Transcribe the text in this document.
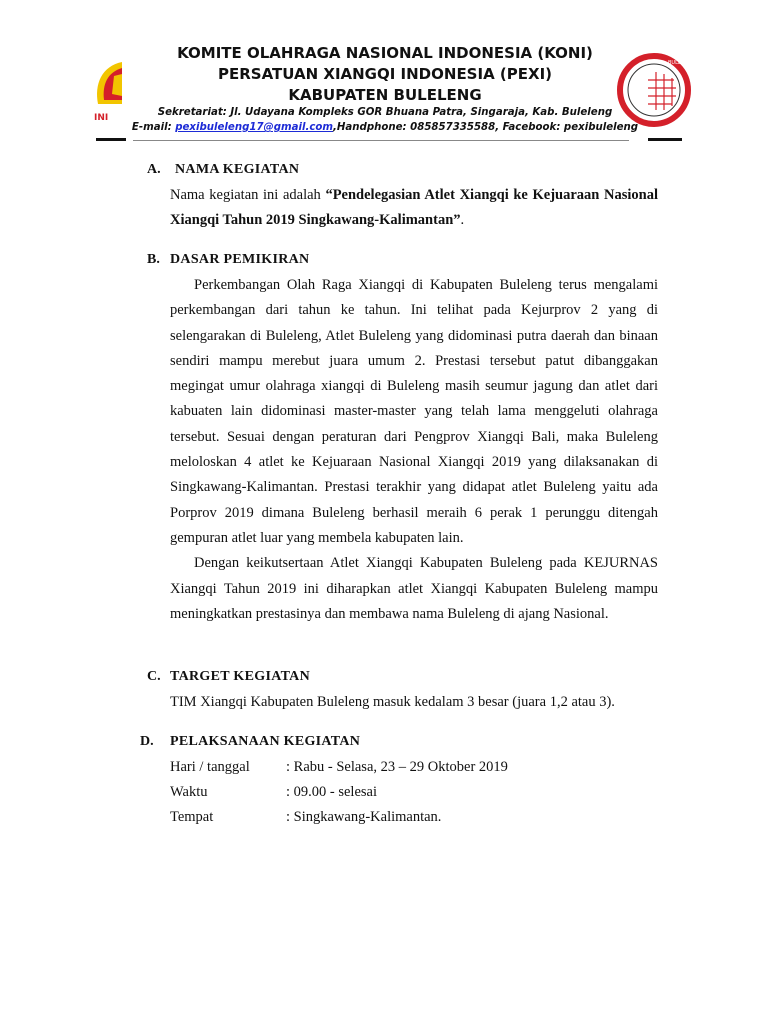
INI
BULELENG
KOMITE OLAHRAGA NASIONAL INDONESIA (KONI)
PERSATUAN XIANGQI INDONESIA (PEXI)
KABUPATEN BULELENG
Sekretariat: Jl. Udayana Kompleks GOR Bhuana Patra, Singaraja, Kab. Buleleng
E-mail: pexibuleleng17@gmail.com,Handphone: 085857335588, Facebook: pexibuleleng
A. NAMA KEGIATAN
Nama kegiatan ini adalah “Pendelegasian Atlet Xiangqi ke Kejuaraan Nasional Xiangqi Tahun 2019 Singkawang-Kalimantan”.
B. DASAR PEMIKIRAN

Perkembangan Olah Raga Xiangqi di Kabupaten Buleleng terus mengalami perkembangan dari tahun ke tahun. Ini telihat pada Kejurprov 2 yang di selengarakan di Buleleng, Atlet Buleleng yang didominasi putra daerah dan binaan sendiri mampu merebut juara umum 2. Prestasi tersebut patut dibanggakan megingat umur olahraga xiangqi di Buleleng masih seumur jagung dan atlet dari kabuaten lain didominasi master-master yang telah lama menggeluti olahraga tersebut. Sesuai dengan peraturan dari Pengprov Xiangqi Bali, maka Buleleng meloloskan 4 atlet ke Kejuaraan Nasional Xiangqi 2019 yang dilaksanakan di Singkawang-Kalimantan. Prestasi terakhir yang didapat atlet Buleleng yaitu ada Porprov 2019 dimana Buleleng berhasil meraih 6 perak 1 perunggu ditengah gempuran atlet luar yang membela kabupaten lain.

Dengan keikutsertaan Atlet Xiangqi Kabupaten Buleleng pada KEJURNAS Xiangqi Tahun 2019 ini diharapkan atlet Xiangqi Kabupaten Buleleng mampu meningkatkan prestasinya dan membawa nama Buleleng di ajang Nasional.

C. TARGET KEGIATAN
TIM Xiangqi Kabupaten Buleleng masuk kedalam 3 besar (juara 1,2 atau 3).
D. PELAKSANAAN KEGIATAN
Hari / tanggal	: Rabu - Selasa, 23 – 29 Oktober 2019
Waktu	: 09.00 - selesai
Tempat	: Singkawang-Kalimantan.
